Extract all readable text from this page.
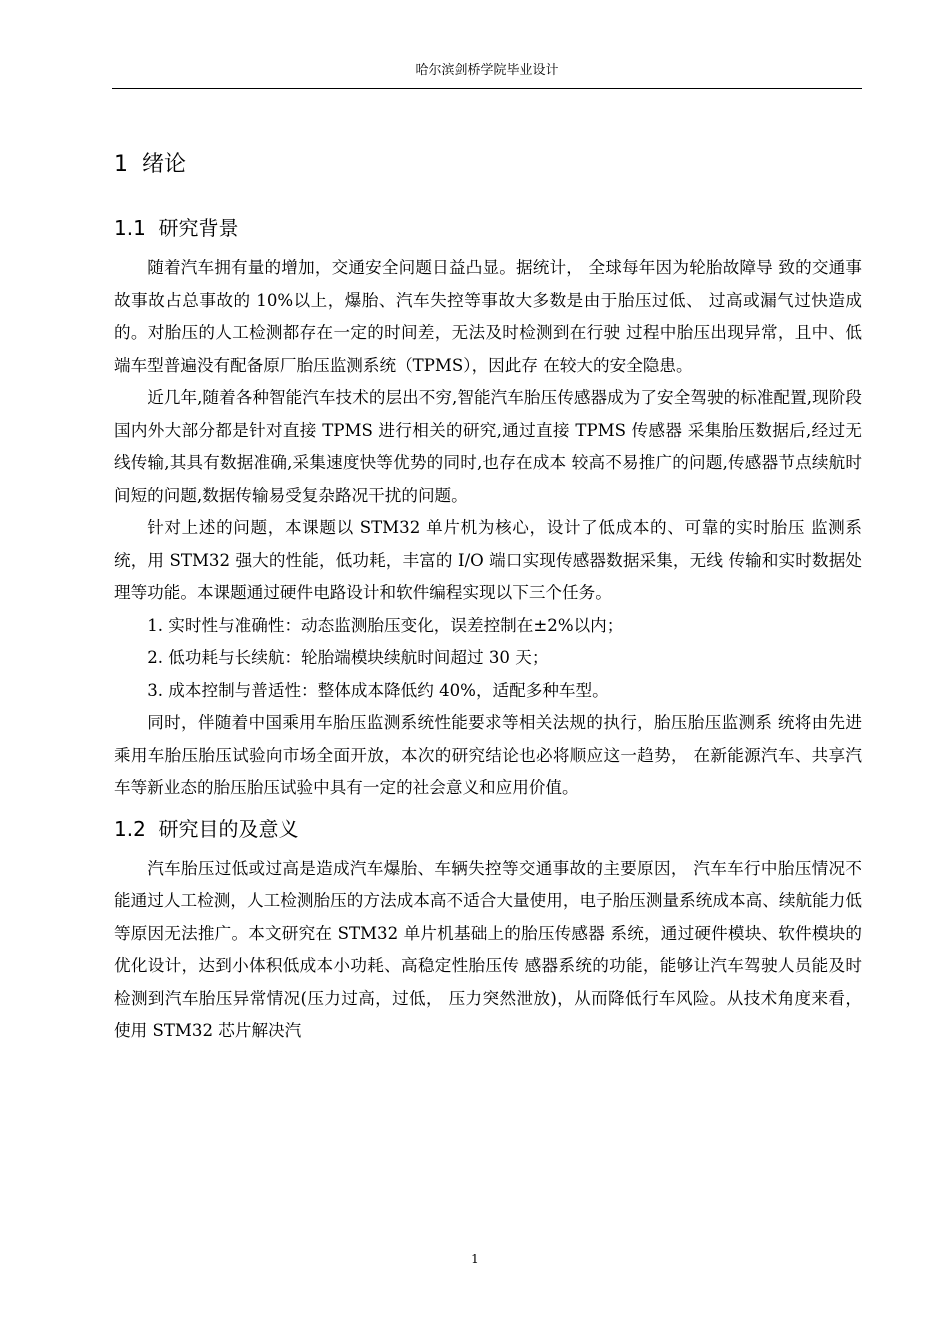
哈尔滨剑桥学院毕业设计
1 绪论
1.1 研究背景

随着汽车拥有量的增加，交通安全问题日益凸显。据统计， 全球每年因为轮胎故障导 致的交通事故事故占总事故的 10%以上，爆胎、汽车失控等事故大多数是由于胎压过低、 过高或漏气过快造成的。对胎压的人工检测都存在一定的时间差，无法及时检测到在行驶 过程中胎压出现异常，且中、低端车型普遍没有配备原厂胎压监测系统（TPMS），因此存 在较大的安全隐患。

近几年,随着各种智能汽车技术的层出不穷,智能汽车胎压传感器成为了安全驾驶的标准配置,现阶段国内外大部分都是针对直接 TPMS 进行相关的研究,通过直接 TPMS 传感器 采集胎压数据后,经过无线传输,其具有数据准确,采集速度快等优势的同时,也存在成本 较高不易推广的问题,传感器节点续航时间短的问题,数据传输易受复杂路况干扰的问题。

针对上述的问题，本课题以 STM32 单片机为核心，设计了低成本的、可靠的实时胎压 监测系统，用 STM32 强大的性能，低功耗，丰富的 I/O 端口实现传感器数据采集，无线 传输和实时数据处理等功能。本课题通过硬件电路设计和软件编程实现以下三个任务。

1. 实时性与准确性：动态监测胎压变化，误差控制在±2%以内；
2. 低功耗与长续航：轮胎端模块续航时间超过 30 天；
3. 成本控制与普适性：整体成本降低约 40%，适配多种车型。

同时，伴随着中国乘用车胎压监测系统性能要求等相关法规的执行，胎压胎压监测系 统将由先进乘用车胎压胎压试验向市场全面开放，本次的研究结论也必将顺应这一趋势， 在新能源汽车、共享汽车等新业态的胎压胎压试验中具有一定的社会意义和应用价值。

1.2 研究目的及意义

汽车胎压过低或过高是造成汽车爆胎、车辆失控等交通事故的主要原因， 汽车车行中胎压情况不能通过人工检测，人工检测胎压的方法成本高不适合大量使用，电子胎压测量系统成本高、续航能力低等原因无法推广。本文研究在 STM32 单片机基础上的胎压传感器 系统，通过硬件模块、软件模块的优化设计，达到小体积低成本小功耗、高稳定性胎压传 感器系统的功能，能够让汽车驾驶人员能及时检测到汽车胎压异常情况(压力过高，过低， 压力突然泄放)，从而降低行车风险。从技术角度来看，使用 STM32 芯片解决汽

1
